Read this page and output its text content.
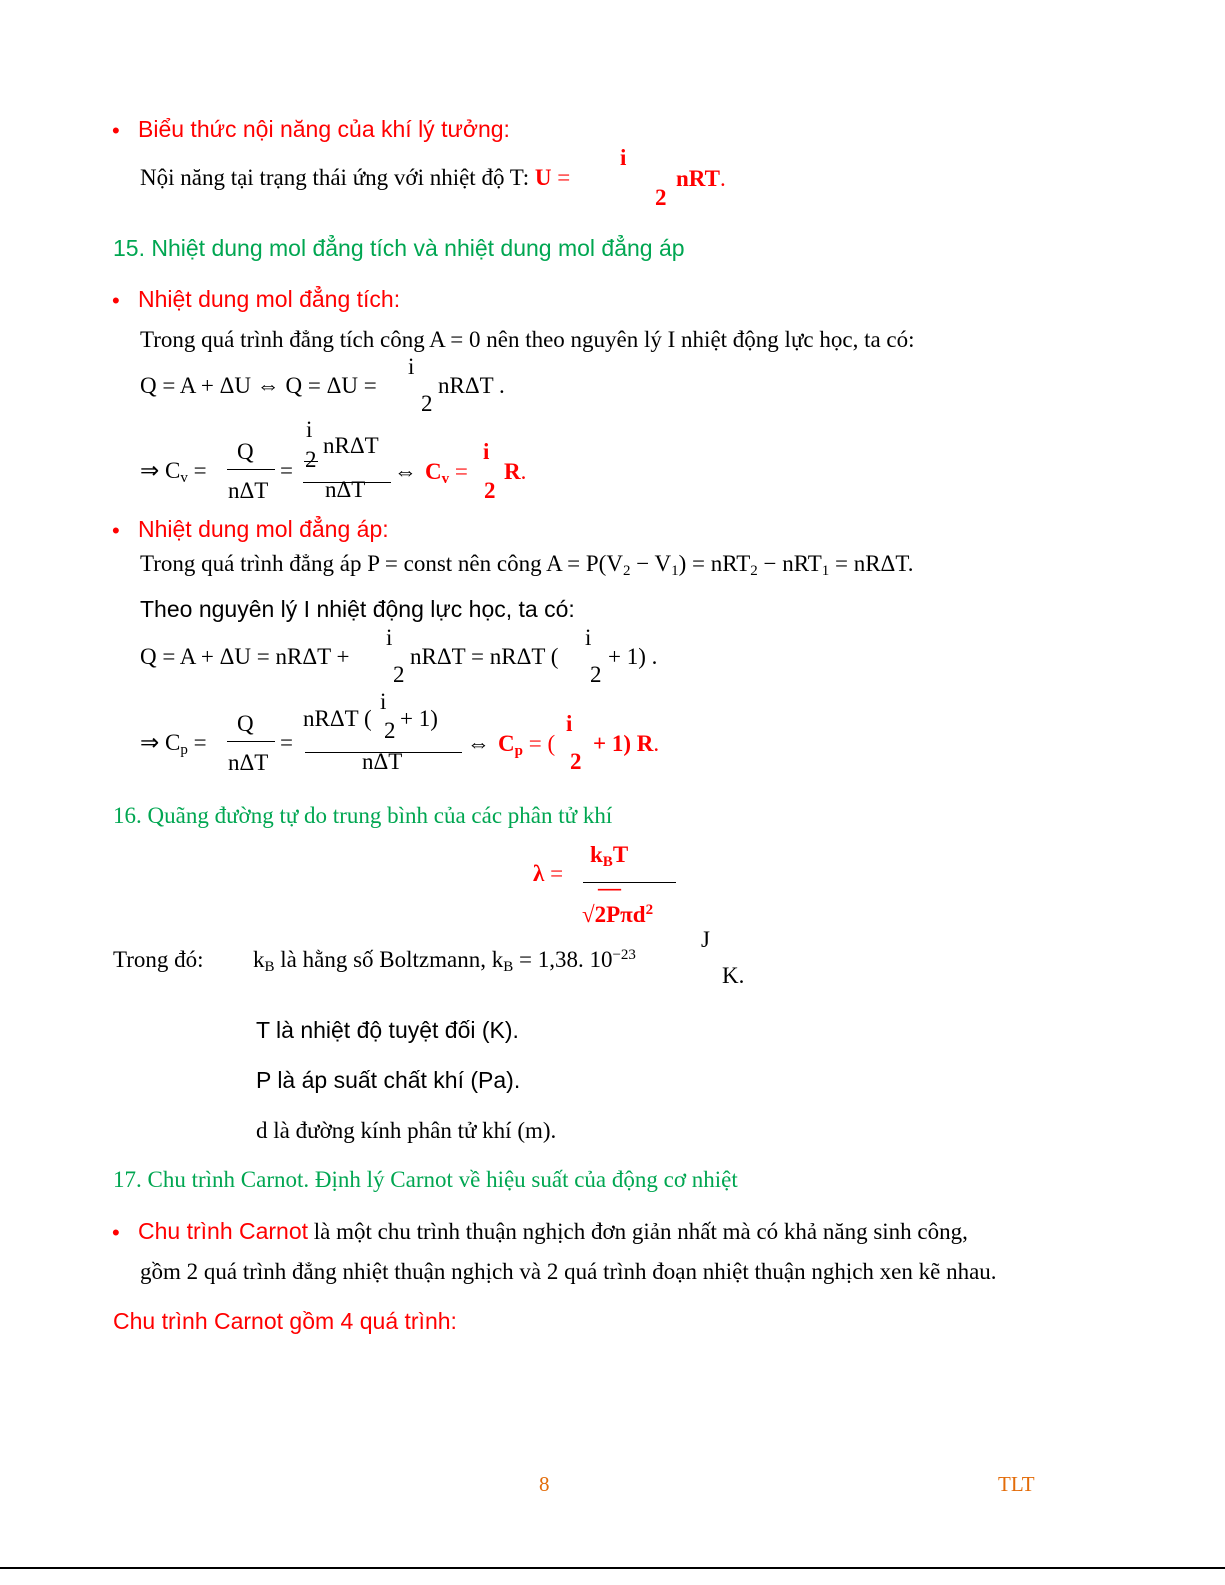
• Biểu thức nội năng của khí lý tưởng:
Nội năng tại trạng thái ứng với nhiệt độ T: U =
i
2
nRT.
15. Nhiệt dung mol đẳng tích và nhiệt dung mol đẳng áp
• Nhiệt dung mol đẳng tích:
Trong quá trình đẳng tích công A = 0 nên theo nguyên lý I nhiệt động lực học, ta có:
Q = A + ΔU ⇔ Q = ΔU =
i
2
nRΔT .
⇒ $C_v$ =
Q
nΔT
=
i
2
nRΔT
nΔT
⇔ $C_v$ =
i
2
R.
• Nhiệt dung mol đẳng áp:
Trong quá trình đẳng áp P = const nên công $A = P(V_2 - V_1) = nRT_2 - nRT_1 = nR\Delta T$.
Theo nguyên lý I nhiệt động lực học, ta có:
Q = A + ΔU = nRΔT +
i
2
nRΔT = nRΔT (
i
2
+ 1) .
⇒ $C_p$ =
Q
nΔT
=
nRΔT (
i
2 + 1)
nΔT
⇔ $C_p$ = (
i
2
+ 1) R.
16. Quãng đường tự do trung bình của các phân tử khí
λ =
$k_BT$
—
√2Pπd$^2$
Trong đó: $k_B$ là hằng số Boltzmann, $k_B = 1,38$. $10^{-23}$
J
K.
T là nhiệt độ tuyệt đối (K).
P là áp suất chất khí (Pa).
d là đường kính phân tử khí (m).
17. Chu trình Carnot. Định lý Carnot về hiệu suất của động cơ nhiệt
• Chu trình Carnot là một chu trình thuận nghịch đơn giản nhất mà có khả năng sinh công,
gồm 2 quá trình đẳng nhiệt thuận nghịch và 2 quá trình đoạn nhiệt thuận nghịch xen kẽ nhau.
Chu trình Carnot gồm 4 quá trình:
8	TLT
